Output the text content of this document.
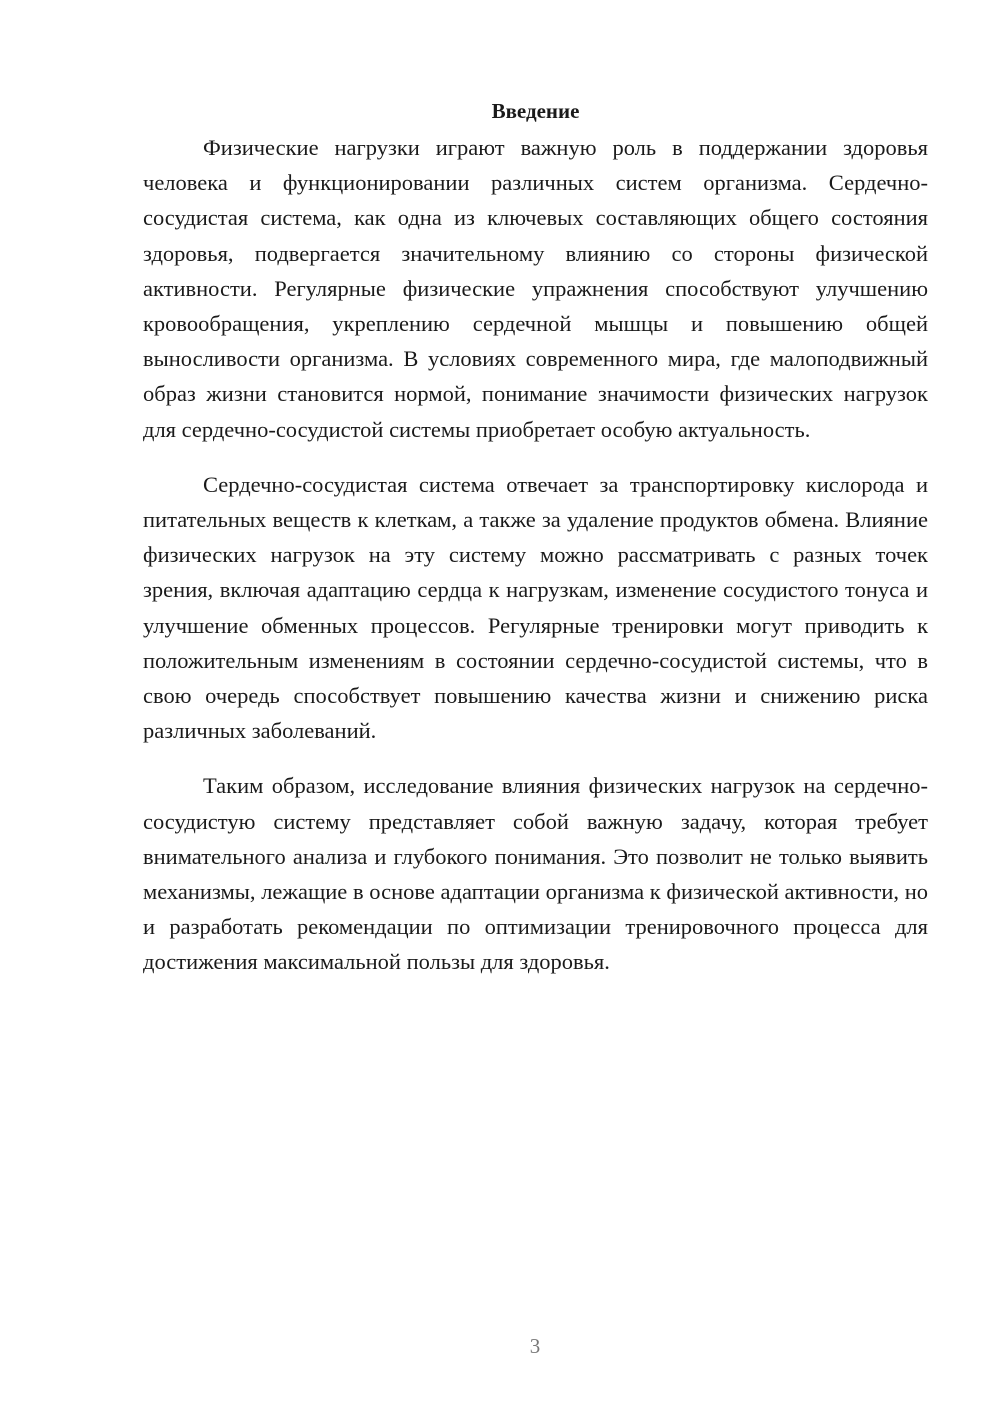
Введение

Физические нагрузки играют важную роль в поддержании здоровья человека и функционировании различных систем организма. Сердечно-сосудистая система, как одна из ключевых составляющих общего состояния здоровья, подвергается значительному влиянию со стороны физической активности. Регулярные физические упражнения способствуют улучшению кровообращения, укреплению сердечной мышцы и повышению общей выносливости организма. В условиях современного мира, где малоподвижный образ жизни становится нормой, понимание значимости физических нагрузок для сердечно-сосудистой системы приобретает особую актуальность.

Сердечно-сосудистая система отвечает за транспортировку кислорода и питательных веществ к клеткам, а также за удаление продуктов обмена. Влияние физических нагрузок на эту систему можно рассматривать с разных точек зрения, включая адаптацию сердца к нагрузкам, изменение сосудистого тонуса и улучшение обменных процессов. Регулярные тренировки могут приводить к положительным изменениям в состоянии сердечно-сосудистой системы, что в свою очередь способствует повышению качества жизни и снижению риска различных заболеваний.

Таким образом, исследование влияния физических нагрузок на сердечно-сосудистую систему представляет собой важную задачу, которая требует внимательного анализа и глубокого понимания. Это позволит не только выявить механизмы, лежащие в основе адаптации организма к физической активности, но и разработать рекомендации по оптимизации тренировочного процесса для достижения максимальной пользы для здоровья.

3
